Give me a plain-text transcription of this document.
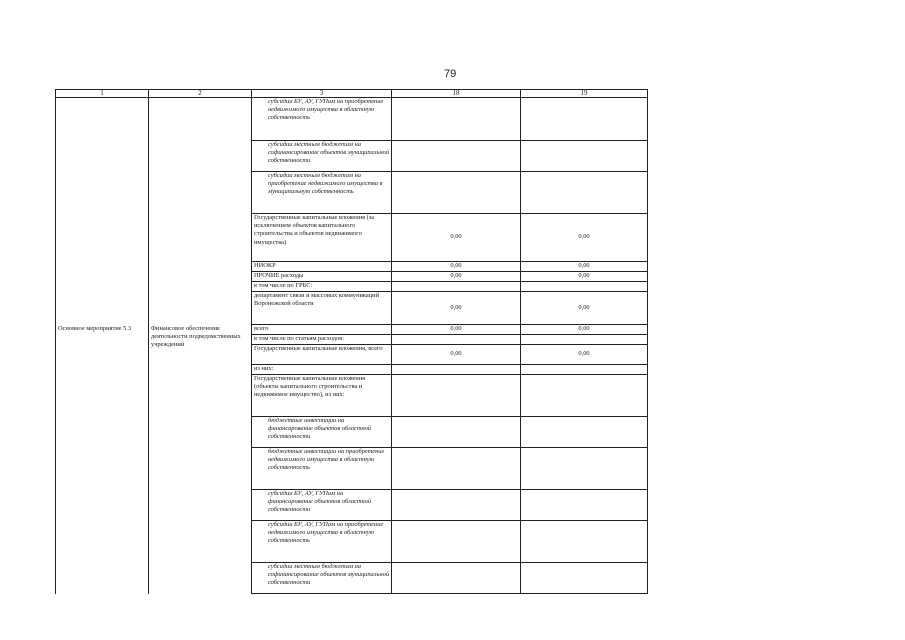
79
1	2	3	18	19
		субсидии БУ, АУ, ГУПам на приобретение недвижимого имущества в областную собственность		
		субсидии местным бюджетам на софинансирование объектов муниципальной собственности		
		субсидии местным бюджетам на приобретение недвижимого имущества в муниципальную собственность		
		Государственные капитальные вложения (за исключением объектов капитального строительства и объектов недвижимого имущества)	0,00	0,00
		НИОКР	0,00	0,00
		ПРОЧИЕ расходы	0,00	0,00
		в том числе по ГРБС:		
		департамент связи и массовых коммуникаций Воронежской области	0,00	0,00
Основное мероприятие 5.3	Финансовое обеспечение деятельности подведомственных учреждений	всего	0,00	0,00
		в том числе по статьям расходов:		
		Государственные капитальные вложения, всего	0,00	0,00
		из них:		
		Государственные капитальные вложения (объекты капитального строительства и недвижимое имущество), из них:		
		бюджетные инвестиции на финансирование объектов областной собственности		
		бюджетные инвестиции на приобретение недвижимого имущества в областную собственность		
		субсидии БУ, АУ, ГУПам на финансирование объектов областной собственности		
		субсидии БУ, АУ, ГУПам на приобретение недвижимого имущества в областную собственность		
		субсидии местным бюджетам на софинансирование объектов муниципальной собственности		
